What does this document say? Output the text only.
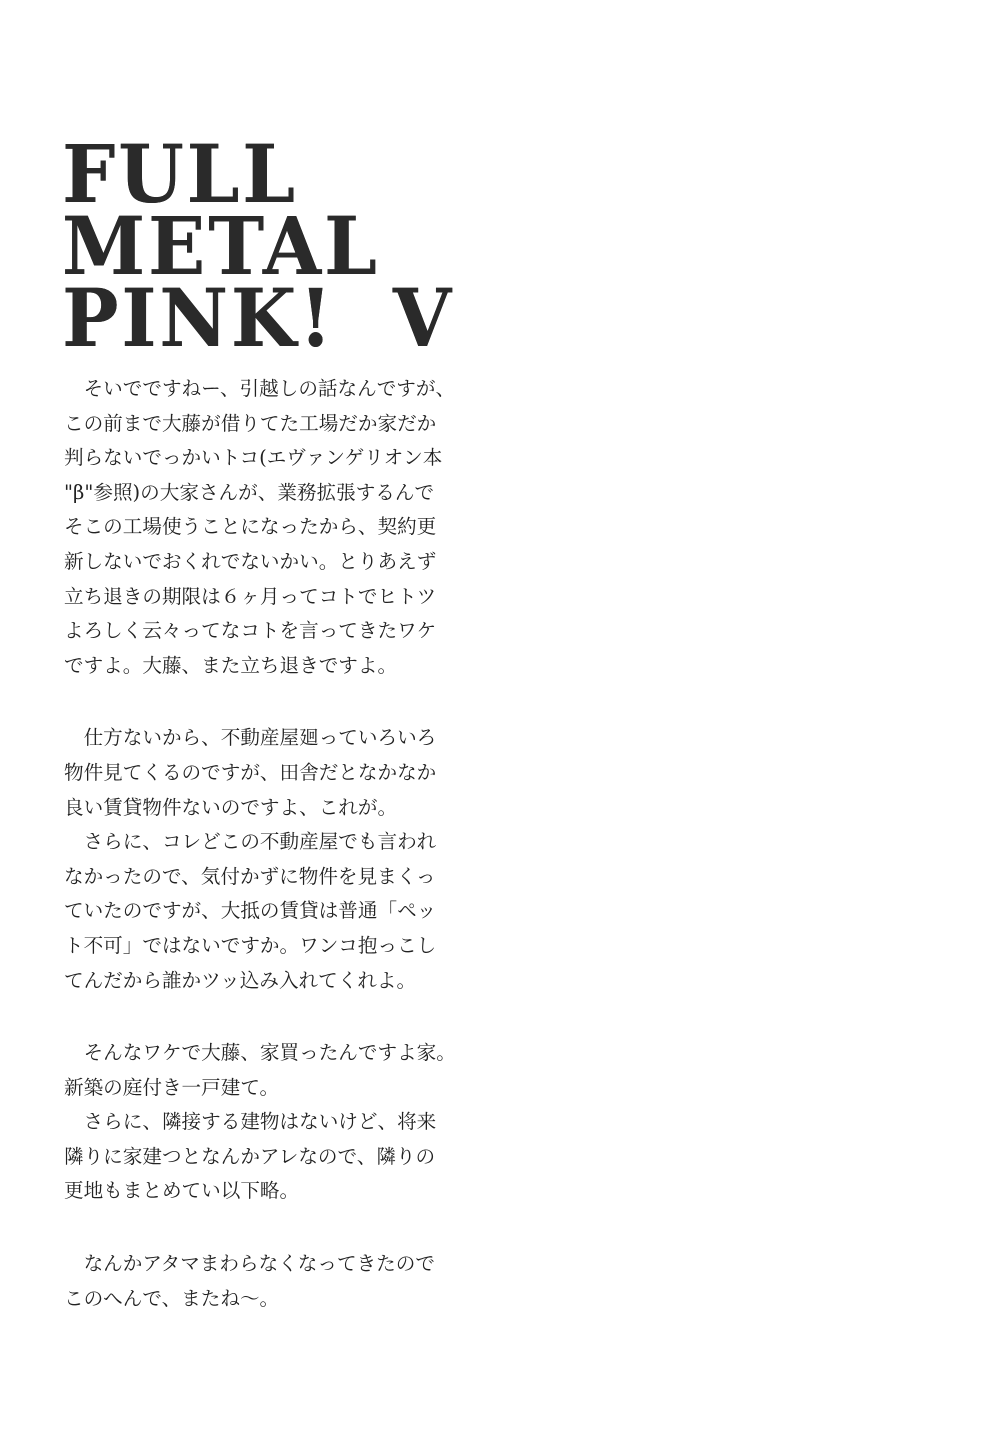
FULL
METAL
PINK!  V
　そいでですねー、引越しの話なんですが、
この前まで大藤が借りてた工場だか家だか
判らないでっかいトコ(エヴァンゲリオン本
"β"参照)の大家さんが、業務拡張するんで
そこの工場使うことになったから、契約更
新しないでおくれでないかい。とりあえず
立ち退きの期限は６ヶ月ってコトでヒトツ
よろしく云々ってなコトを言ってきたワケ
ですよ。大藤、また立ち退きですよ。
　仕方ないから、不動産屋廻っていろいろ
物件見てくるのですが、田舎だとなかなか
良い賃貸物件ないのですよ、これが。
　さらに、コレどこの不動産屋でも言われ
なかったので、気付かずに物件を見まくっ
ていたのですが、大抵の賃貸は普通「ペッ
ト不可」ではないですか。ワンコ抱っこし
てんだから誰かツッ込み入れてくれよ。
　そんなワケで大藤、家買ったんですよ家。
新築の庭付き一戸建て。
　さらに、隣接する建物はないけど、将来
隣りに家建つとなんかアレなので、隣りの
更地もまとめてい以下略。
　なんかアタマまわらなくなってきたので
このへんで、またね～。
